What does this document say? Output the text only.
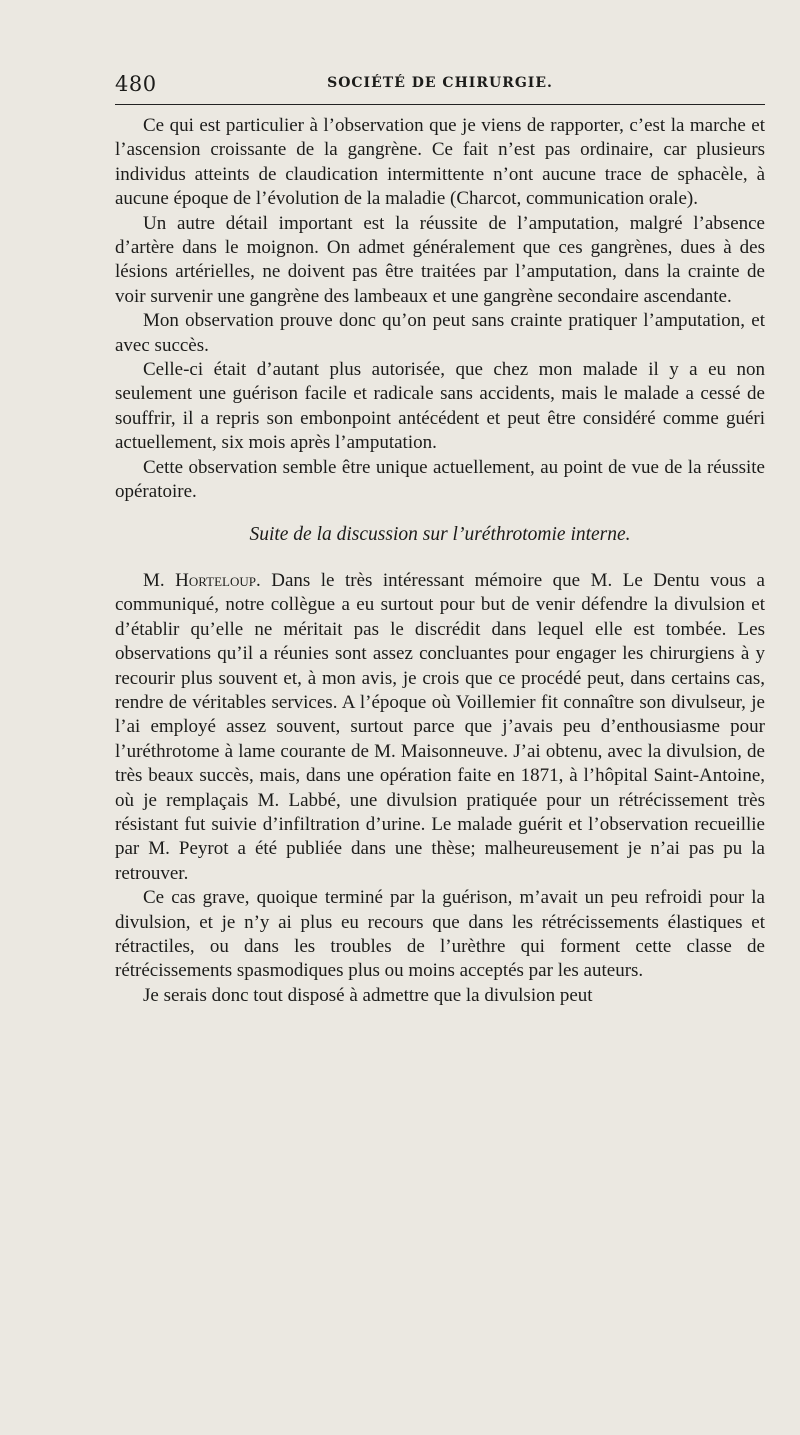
480	SOCIÉTÉ DE CHIRURGIE.

Ce qui est particulier à l’observation que je viens de rapporter, c’est la marche et l’ascension croissante de la gangrène. Ce fait n’est pas ordinaire, car plusieurs individus atteints de claudication intermittente n’ont aucune trace de sphacèle, à aucune époque de l’évolution de la maladie (Charcot, communication orale).

Un autre détail important est la réussite de l’amputation, malgré l’absence d’artère dans le moignon. On admet généralement que ces gangrènes, dues à des lésions artérielles, ne doivent pas être traitées par l’amputation, dans la crainte de voir survenir une gangrène des lambeaux et une gangrène secondaire ascendante.

Mon observation prouve donc qu’on peut sans crainte pratiquer l’amputation, et avec succès.

Celle-ci était d’autant plus autorisée, que chez mon malade il y a eu non seulement une guérison facile et radicale sans accidents, mais le malade a cessé de souffrir, il a repris son embonpoint antécédent et peut être considéré comme guéri actuellement, six mois après l’amputation.

Cette observation semble être unique actuellement, au point de vue de la réussite opératoire.

Suite de la discussion sur l’uréthrotomie interne.

M. Horteloup. Dans le très intéressant mémoire que M. Le Dentu vous a communiqué, notre collègue a eu surtout pour but de venir défendre la divulsion et d’établir qu’elle ne méritait pas le discrédit dans lequel elle est tombée. Les observations qu’il a réunies sont assez concluantes pour engager les chirurgiens à y recourir plus souvent et, à mon avis, je crois que ce procédé peut, dans certains cas, rendre de véritables services. A l’époque où Voillemier fit connaître son divulseur, je l’ai employé assez souvent, surtout parce que j’avais peu d’enthousiasme pour l’uréthrotome à lame courante de M. Maisonneuve. J’ai obtenu, avec la divulsion, de très beaux succès, mais, dans une opération faite en 1871, à l’hôpital Saint-Antoine, où je remplaçais M. Labbé, une divulsion pratiquée pour un rétrécissement très résistant fut suivie d’infiltration d’urine. Le malade guérit et l’observation recueillie par M. Peyrot a été publiée dans une thèse; malheureusement je n’ai pas pu la retrouver.

Ce cas grave, quoique terminé par la guérison, m’avait un peu refroidi pour la divulsion, et je n’y ai plus eu recours que dans les rétrécissements élastiques et rétractiles, ou dans les troubles de l’urèthre qui forment cette classe de rétrécissements spasmodiques plus ou moins acceptés par les auteurs.

Je serais donc tout disposé à admettre que la divulsion peut
